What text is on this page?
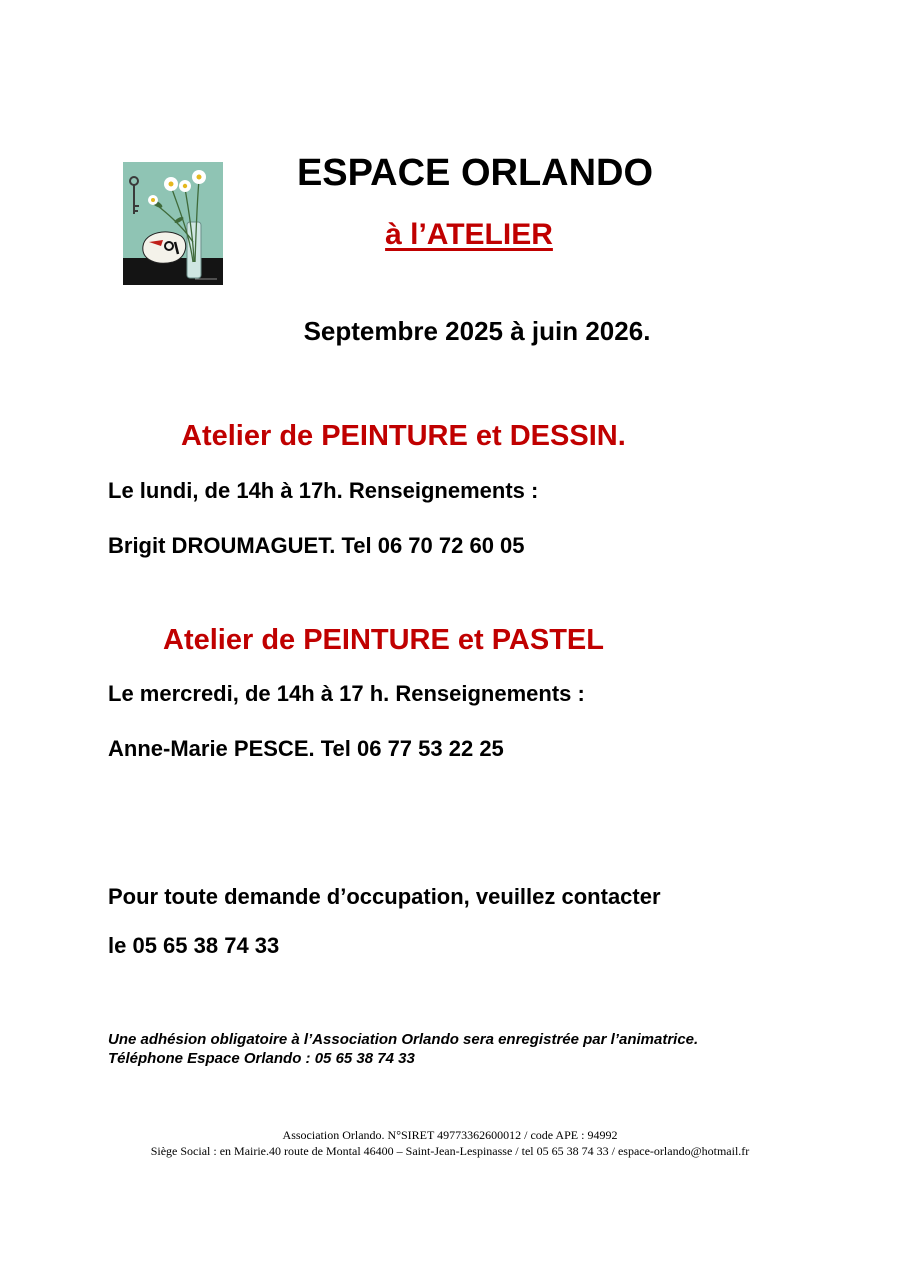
ESPACE ORLANDO
à l’ATELIER
Septembre 2025 à juin 2026.
Atelier de PEINTURE et DESSIN.
Le lundi, de 14h à 17h. Renseignements :
Brigit DROUMAGUET. Tel 06 70 72 60 05
Atelier de PEINTURE et PASTEL
Le mercredi, de 14h à 17 h. Renseignements :
Anne-Marie PESCE. Tel 06 77 53 22 25
Pour toute demande d’occupation, veuillez contacter
le 05 65 38 74 33
Une adhésion obligatoire à l’Association Orlando sera enregistrée par l’animatrice.
Téléphone Espace Orlando : 05 65 38 74 33
Association Orlando. N°SIRET 49773362600012 / code APE : 94992
Siège Social : en Mairie.40 route de Montal 46400 – Saint-Jean-Lespinasse / tel 05 65 38 74 33 / espace-orlando@hotmail.fr
